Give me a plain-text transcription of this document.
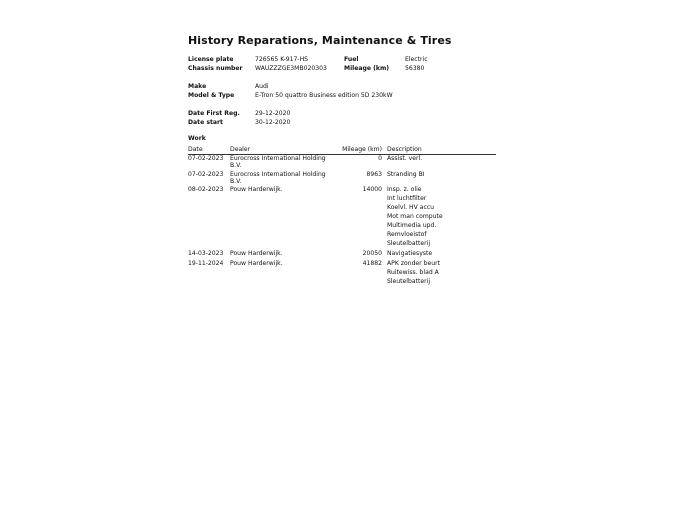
History Reparations, Maintenance & Tires
License plate	726565 K-917-HS	Fuel	Electric
Chassis number WAUZZZGE3MB020303	Mileage (km)	56380
Make	Audi
Model & Type	E-Tron 50 quattro Business edition 5D 230kW
Date First Reg. 29-12-2020
Date start	30-12-2020
Work
Date	Dealer	Mileage (km) Description
07-02-2023 Eurocross International Holding
B.V.
0 Assist. verl.
07-02-2023 Eurocross International Holding
B.V.
8963 Stranding BI
08-02-2023 Pouw Harderwijk.	14000 Insp. z. olie
Int luchtfilter
Koelvl. HV accu
Mot man compute
Multimedia upd.
Remvloeistof
Sleutelbatterij
14-03-2023 Pouw Harderwijk.	20050 Navigatiesyste
19-11-2024 Pouw Harderwijk.	41882 APK zonder beurt
Ruitewiss. blad A
Sleutelbatterij
